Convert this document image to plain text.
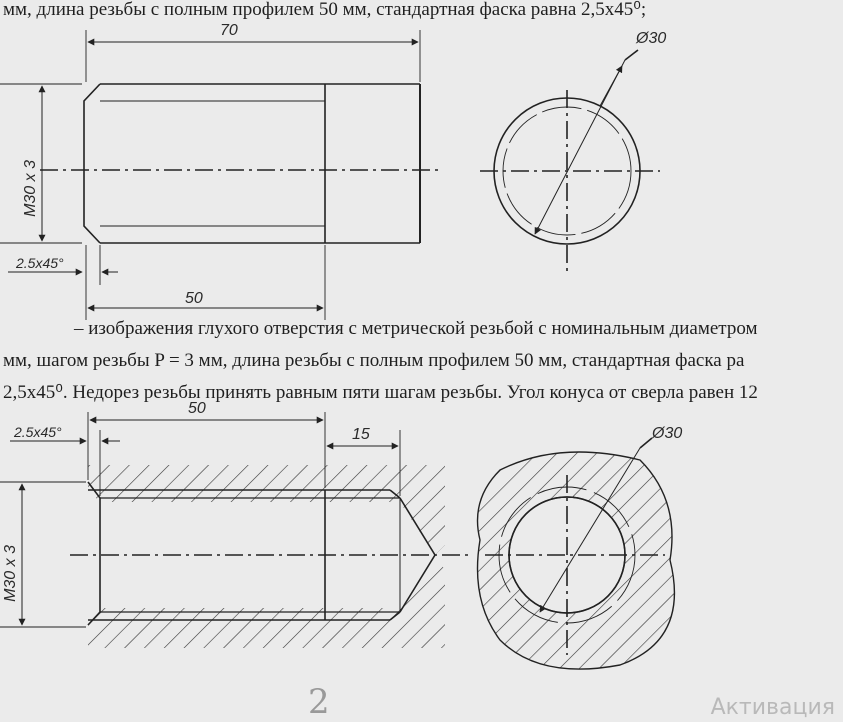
мм, длина резьбы с полным профилем 50 мм, стандартная фаска равна 2,5x45⁰;
– изображения глухого отверстия с метрической резьбой с номинальным диаметром
мм, шагом резьбы P = 3 мм, длина резьбы с полным профилем 50 мм, стандартная фаска ра
2,5x45⁰. Недорез резьбы принять равным пяти шагам резьбы. Угол конуса от сверла равен 12
70
M30 x 3
2.5x45°
50
Ø30
2.5x45°
50
15
M30 x 3
Ø30
2	Активация
